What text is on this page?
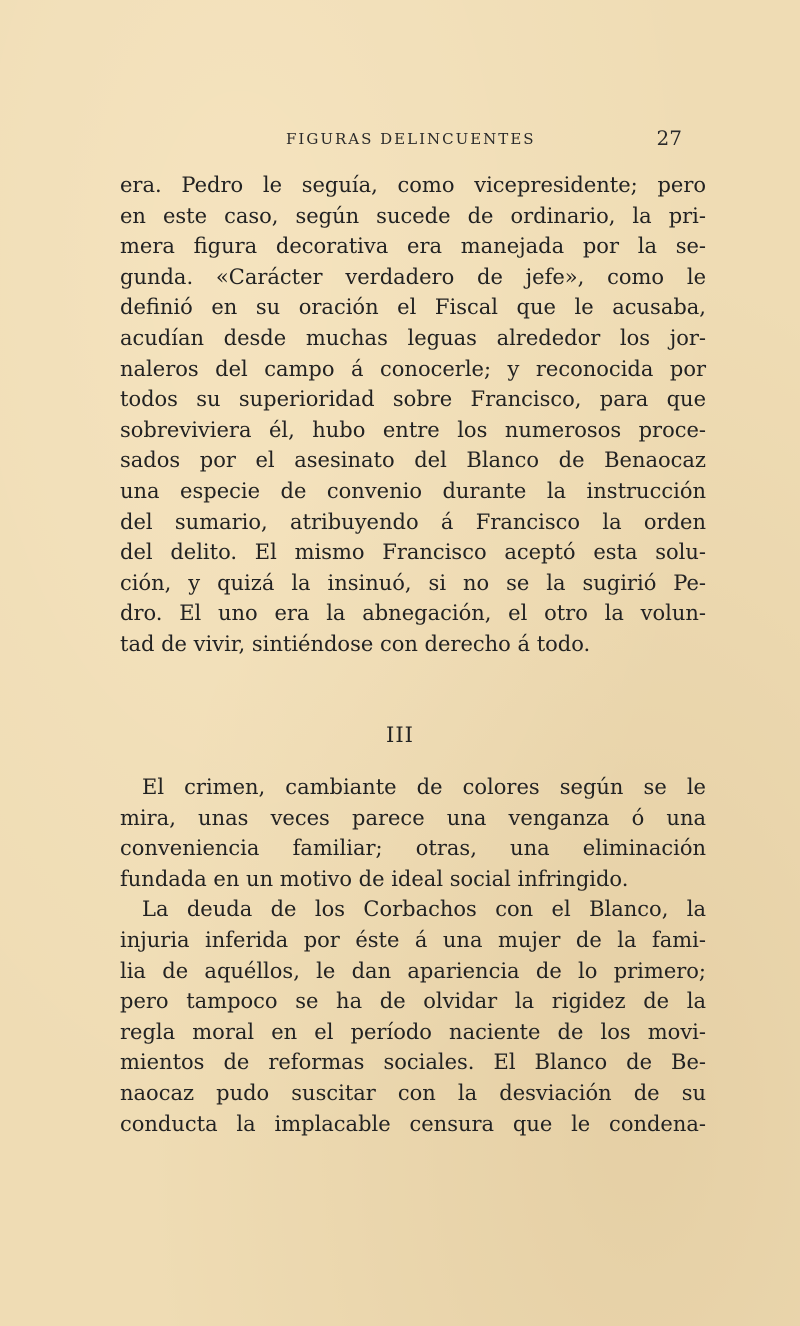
FIGURAS DELINCUENTES	27
era. Pedro le seguía, como vicepresidente; pero
en este caso, según sucede de ordinario, la pri-
mera figura decorativa era manejada por la se-
gunda. «Carácter verdadero de jefe», como le
definió en su oración el Fiscal que le acusaba,
acudían desde muchas leguas alrededor los jor-
naleros del campo á conocerle; y reconocida por
todos su superioridad sobre Francisco, para que
sobreviviera él, hubo entre los numerosos proce-
sados por el asesinato del Blanco de Benaocaz
una especie de convenio durante la instrucción
del sumario, atribuyendo á Francisco la orden
del delito. El mismo Francisco aceptó esta solu-
ción, y quizá la insinuó, si no se la sugirió Pe-
dro. El uno era la abnegación, el otro la volun-
tad de vivir, sintiéndose con derecho á todo.
III
El crimen, cambiante de colores según se le
mira, unas veces parece una venganza ó una
conveniencia familiar; otras, una eliminación
fundada en un motivo de ideal social infringido.
La deuda de los Corbachos con el Blanco, la
injuria inferida por éste á una mujer de la fami-
lia de aquéllos, le dan apariencia de lo primero;
pero tampoco se ha de olvidar la rigidez de la
regla moral en el período naciente de los movi-
mientos de reformas sociales. El Blanco de Be-
naocaz pudo suscitar con la desviación de su
conducta la implacable censura que le condena-
